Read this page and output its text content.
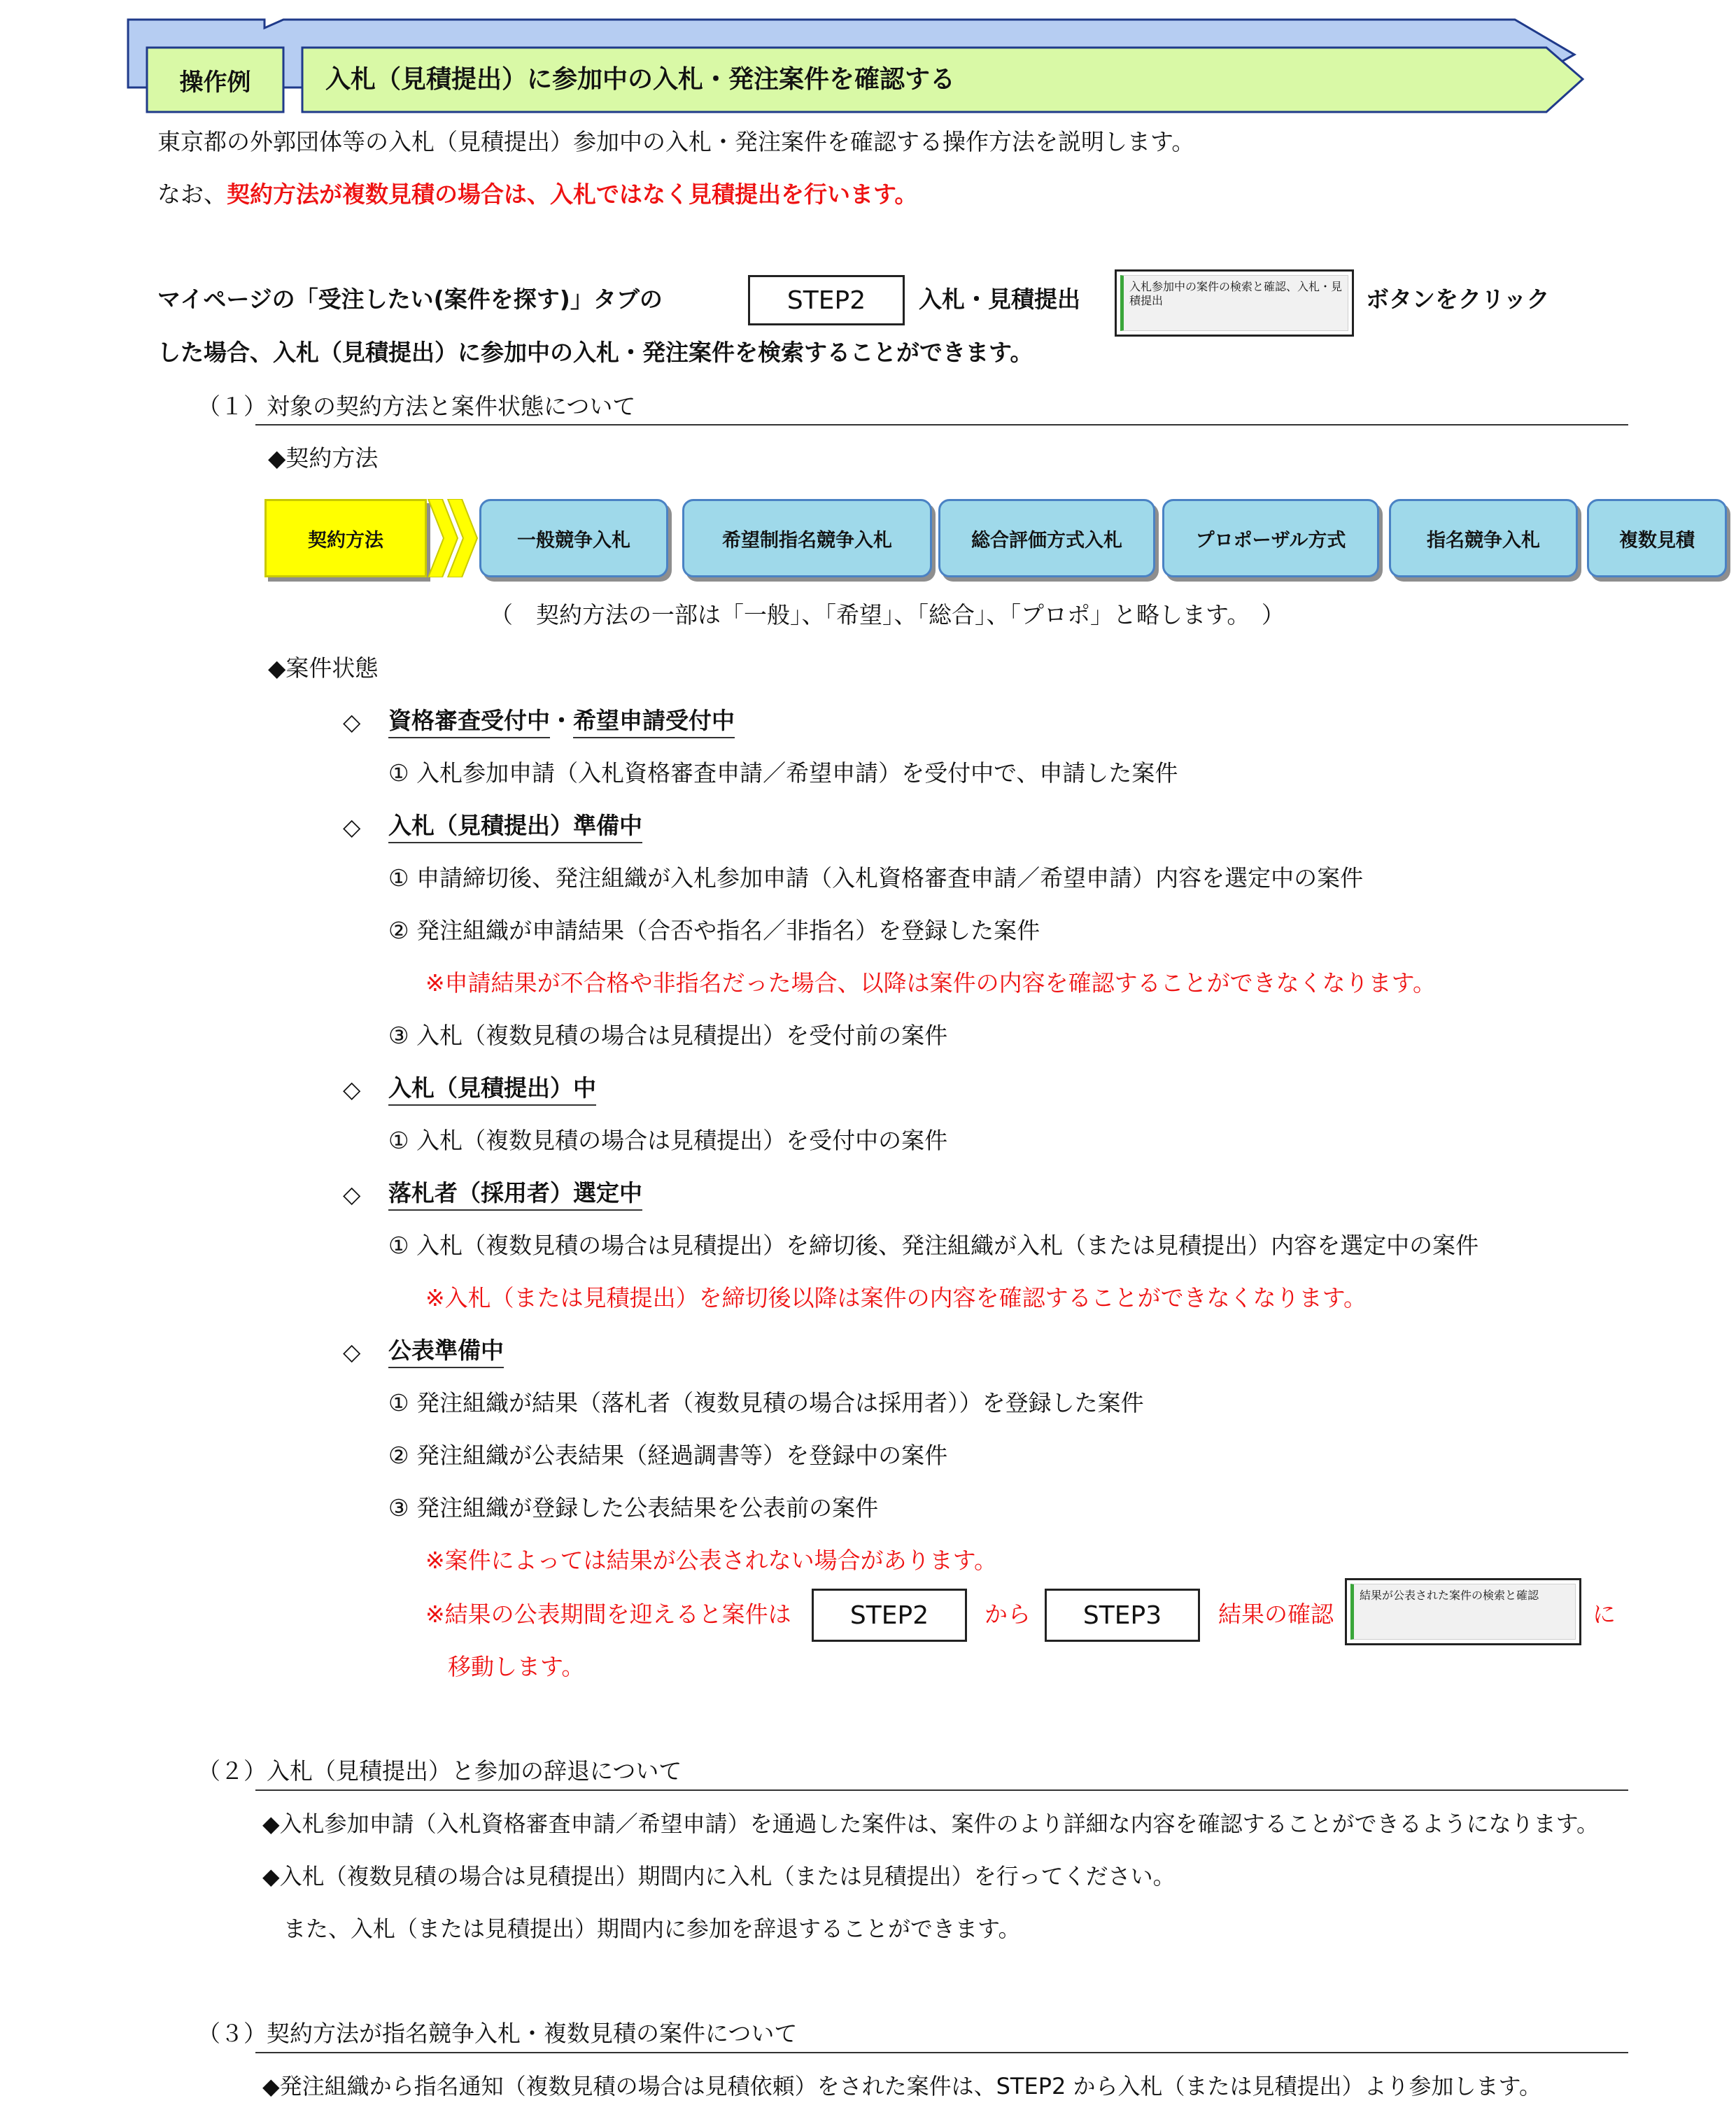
操作例	入札（見積提出）に参加中の入札・発注案件を確認する
東京都の外郭団体等の入札（見積提出）参加中の入札・発注案件を確認する操作方法を説明します。
なお、契約方法が複数見積の場合は、入札ではなく見積提出を行います。
マイページの「受注したい(案件を探す)」タブの	STEP2	入札・見積提出	入札参加中の案件の検索と確認、入札・見積提出	ボタンをクリック
した場合、入札（見積提出）に参加中の入札・発注案件を検索することができます。
（１）対象の契約方法と案件状態について
◆契約方法
契約方法	一般競争入札	希望制指名競争入札	総合評価方式入札	プロポーザル方式	指名競争入札	複数見積
（　契約方法の一部は「一般」、「希望」、「総合」、「プロポ」と略します。　）
◆案件状態
◇ 資格審査受付中・希望申請受付中
① 入札参加申請（入札資格審査申請／希望申請）を受付中で、申請した案件
◇ 入札（見積提出）準備中
① 申請締切後、発注組織が入札参加申請（入札資格審査申請／希望申請）内容を選定中の案件
② 発注組織が申請結果（合否や指名／非指名）を登録した案件
※申請結果が不合格や非指名だった場合、以降は案件の内容を確認することができなくなります。
③ 入札（複数見積の場合は見積提出）を受付前の案件
◇ 入札（見積提出）中
① 入札（複数見積の場合は見積提出）を受付中の案件
◇ 落札者（採用者）選定中
① 入札（複数見積の場合は見積提出）を締切後、発注組織が入札（または見積提出）内容を選定中の案件
※入札（または見積提出）を締切後以降は案件の内容を確認することができなくなります。
◇ 公表準備中
① 発注組織が結果（落札者（複数見積の場合は採用者））を登録した案件
② 発注組織が公表結果（経過調書等）を登録中の案件
③ 発注組織が登録した公表結果を公表前の案件
※案件によっては結果が公表されない場合があります。
※結果の公表期間を迎えると案件は	STEP2	から	STEP3	結果の確認
結果が公表された案件の検索と確認
に
移動します。
（２）入札（見積提出）と参加の辞退について
◆入札参加申請（入札資格審査申請／希望申請）を通過した案件は、案件のより詳細な内容を確認することができるようになります。
◆入札（複数見積の場合は見積提出）期間内に入札（または見積提出）を行ってください。
また、入札（または見積提出）期間内に参加を辞退することができます。
（３）契約方法が指名競争入札・複数見積の案件について
◆発注組織から指名通知（複数見積の場合は見積依頼）をされた案件は、STEP2 から入札（または見積提出）より参加します。
